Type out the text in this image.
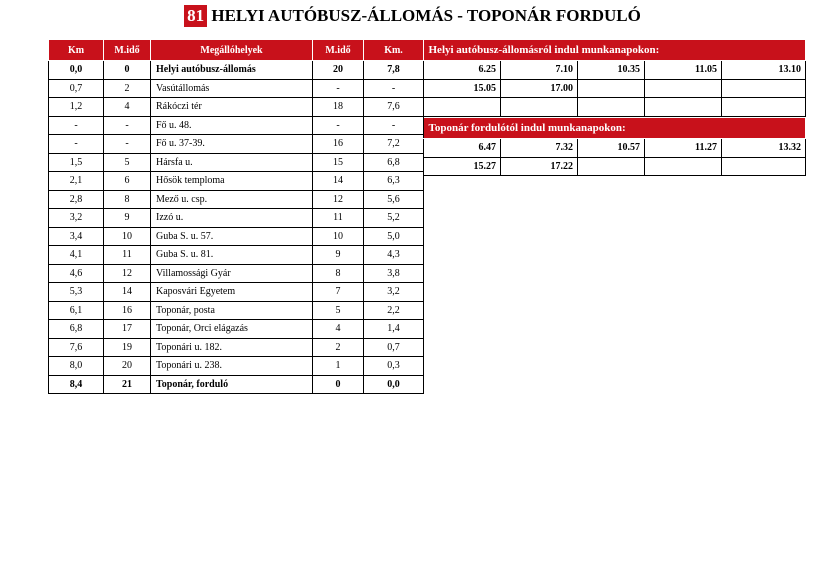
81 HELYI AUTÓBUSZ-ÁLLOMÁS - TOPONÁR FORDULÓ
Km	M.idő	Megállóhelyek	M.idő	Km.
0,0	0	Helyi autóbusz-állomás	20	7,8
0,7	2	Vasútállomás	-	-
1,2	4	Rákóczi tér	18	7,6
-	-	Fő u. 48.	-	-
-	-	Fő u. 37-39.	16	7,2
1,5	5	Hársfa u.	15	6,8
2,1	6	Hősök temploma	14	6,3
2,8	8	Mező u. csp.	12	5,6
3,2	9	Izzó u.	11	5,2
3,4	10	Guba S. u. 57.	10	5,0
4,1	11	Guba S. u. 81.	9	4,3
4,6	12	Villamossági Gyár	8	3,8
5,3	14	Kaposvári Egyetem	7	3,2
6,1	16	Toponár, posta	5	2,2
6,8	17	Toponár, Orci elágazás	4	1,4
7,6	19	Toponári u. 182.	2	0,7
8,0	20	Toponári u. 238.	1	0,3
8,4	21	Toponár, forduló	0	0,0
Helyi autóbusz-állomásról indul munkanapokon:				
6.25	7.10	10.35	11.05	13.10
15.05	17.00			

Toponár fordulótól indul munkanapokon:				
6.47	7.32	10.57	11.27	13.32
15.27	17.22			
